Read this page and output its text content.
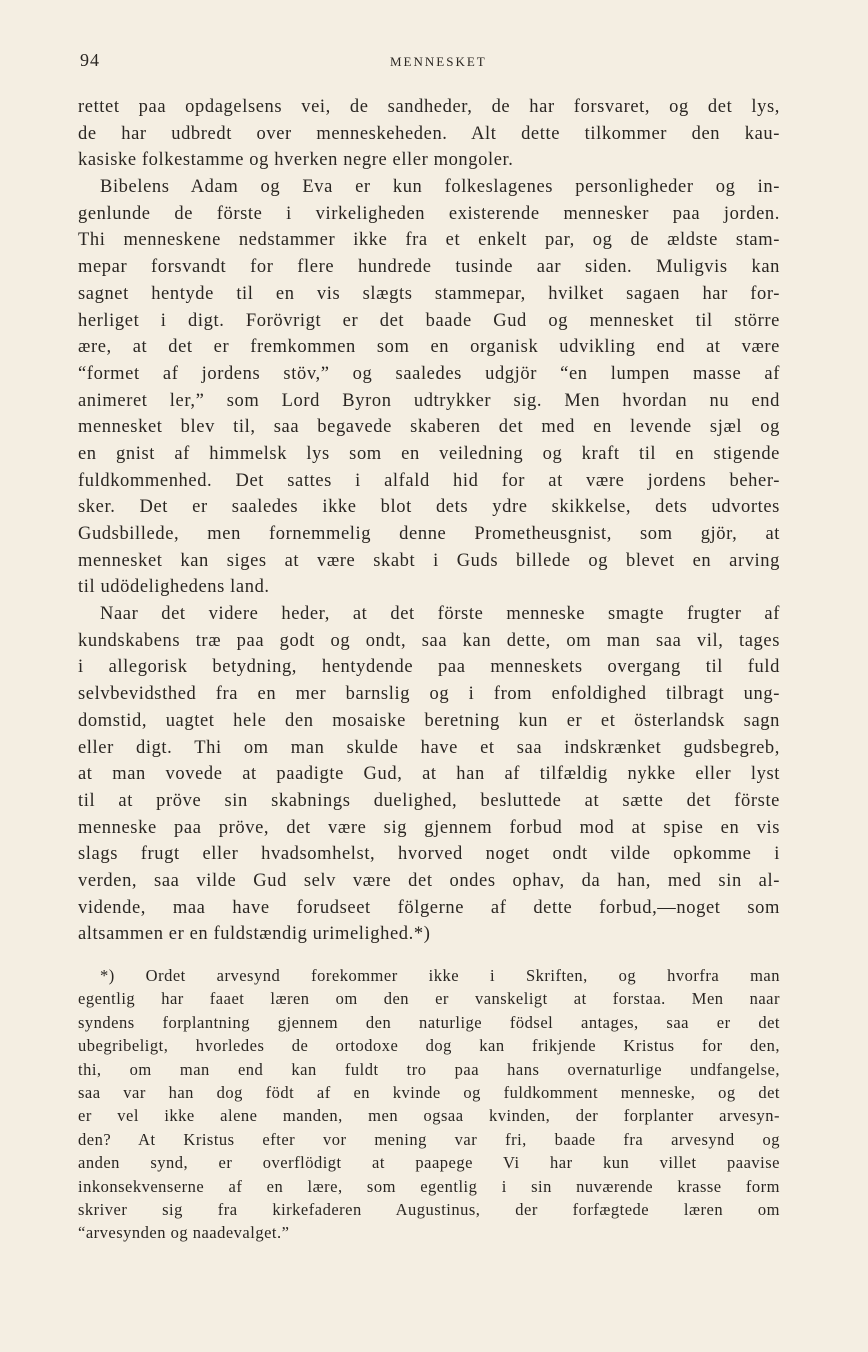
94	MENNESKET
rettet paa opdagelsens vei, de sandheder, de har forsvaret, og det lys,
de har udbredt over menneskeheden. Alt dette tilkommer den kau-
kasiske folkestamme og hverken negre eller mongoler.
Bibelens Adam og Eva er kun folkeslagenes personligheder og in-
genlunde de förste i virkeligheden existerende mennesker paa jorden.
Thi menneskene nedstammer ikke fra et enkelt par, og de ældste stam-
mepar forsvandt for flere hundrede tusinde aar siden. Muligvis kan
sagnet hentyde til en vis slægts stammepar, hvilket sagaen har for-
herliget i digt. Forövrigt er det baade Gud og mennesket til större
ære, at det er fremkommen som en organisk udvikling end at være
“formet af jordens stöv,” og saaledes udgjör “en lumpen masse af
animeret ler,” som Lord Byron udtrykker sig. Men hvordan nu end
mennesket blev til, saa begavede skaberen det med en levende sjæl og
en gnist af himmelsk lys som en veiledning og kraft til en stigende
fuldkommenhed. Det sattes i alfald hid for at være jordens beher-
sker. Det er saaledes ikke blot dets ydre skikkelse, dets udvortes
Gudsbillede, men fornemmelig denne Prometheusgnist, som gjör, at
mennesket kan siges at være skabt i Guds billede og blevet en arving
til udödelighedens land.
Naar det videre heder, at det förste menneske smagte frugter af
kundskabens træ paa godt og ondt, saa kan dette, om man saa vil, tages
i allegorisk betydning, hentydende paa menneskets overgang til fuld
selvbevidsthed fra en mer barnslig og i from enfoldighed tilbragt ung-
domstid, uagtet hele den mosaiske beretning kun er et österlandsk sagn
eller digt. Thi om man skulde have et saa indskrænket gudsbegreb,
at man vovede at paadigte Gud, at han af tilfældig nykke eller lyst
til at pröve sin skabnings duelighed, besluttede at sætte det förste
menneske paa pröve, det være sig gjennem forbud mod at spise en vis
slags frugt eller hvadsomhelst, hvorved noget ondt vilde opkomme i
verden, saa vilde Gud selv være det ondes ophav, da han, med sin al-
vidende, maa have forudseet fölgerne af dette forbud,—noget som
altsammen er en fuldstændig urimelighed.*)
*) Ordet arvesynd forekommer ikke i Skriften, og hvorfra man
egentlig har faaet læren om den er vanskeligt at forstaa. Men naar
syndens forplantning gjennem den naturlige födsel antages, saa er det
ubegribeligt, hvorledes de ortodoxe dog kan frikjende Kristus for den,
thi, om man end kan fuldt tro paa hans overnaturlige undfangelse,
saa var han dog födt af en kvinde og fuldkomment menneske, og det
er vel ikke alene manden, men ogsaa kvinden, der forplanter arvesyn-
den? At Kristus efter vor mening var fri, baade fra arvesynd og
anden synd, er overflödigt at paapege Vi har kun villet paavise
inkonsekvenserne af en lære, som egentlig i sin nuværende krasse form
skriver sig fra kirkefaderen Augustinus, der forfægtede læren om
“arvesynden og naadevalget.”
